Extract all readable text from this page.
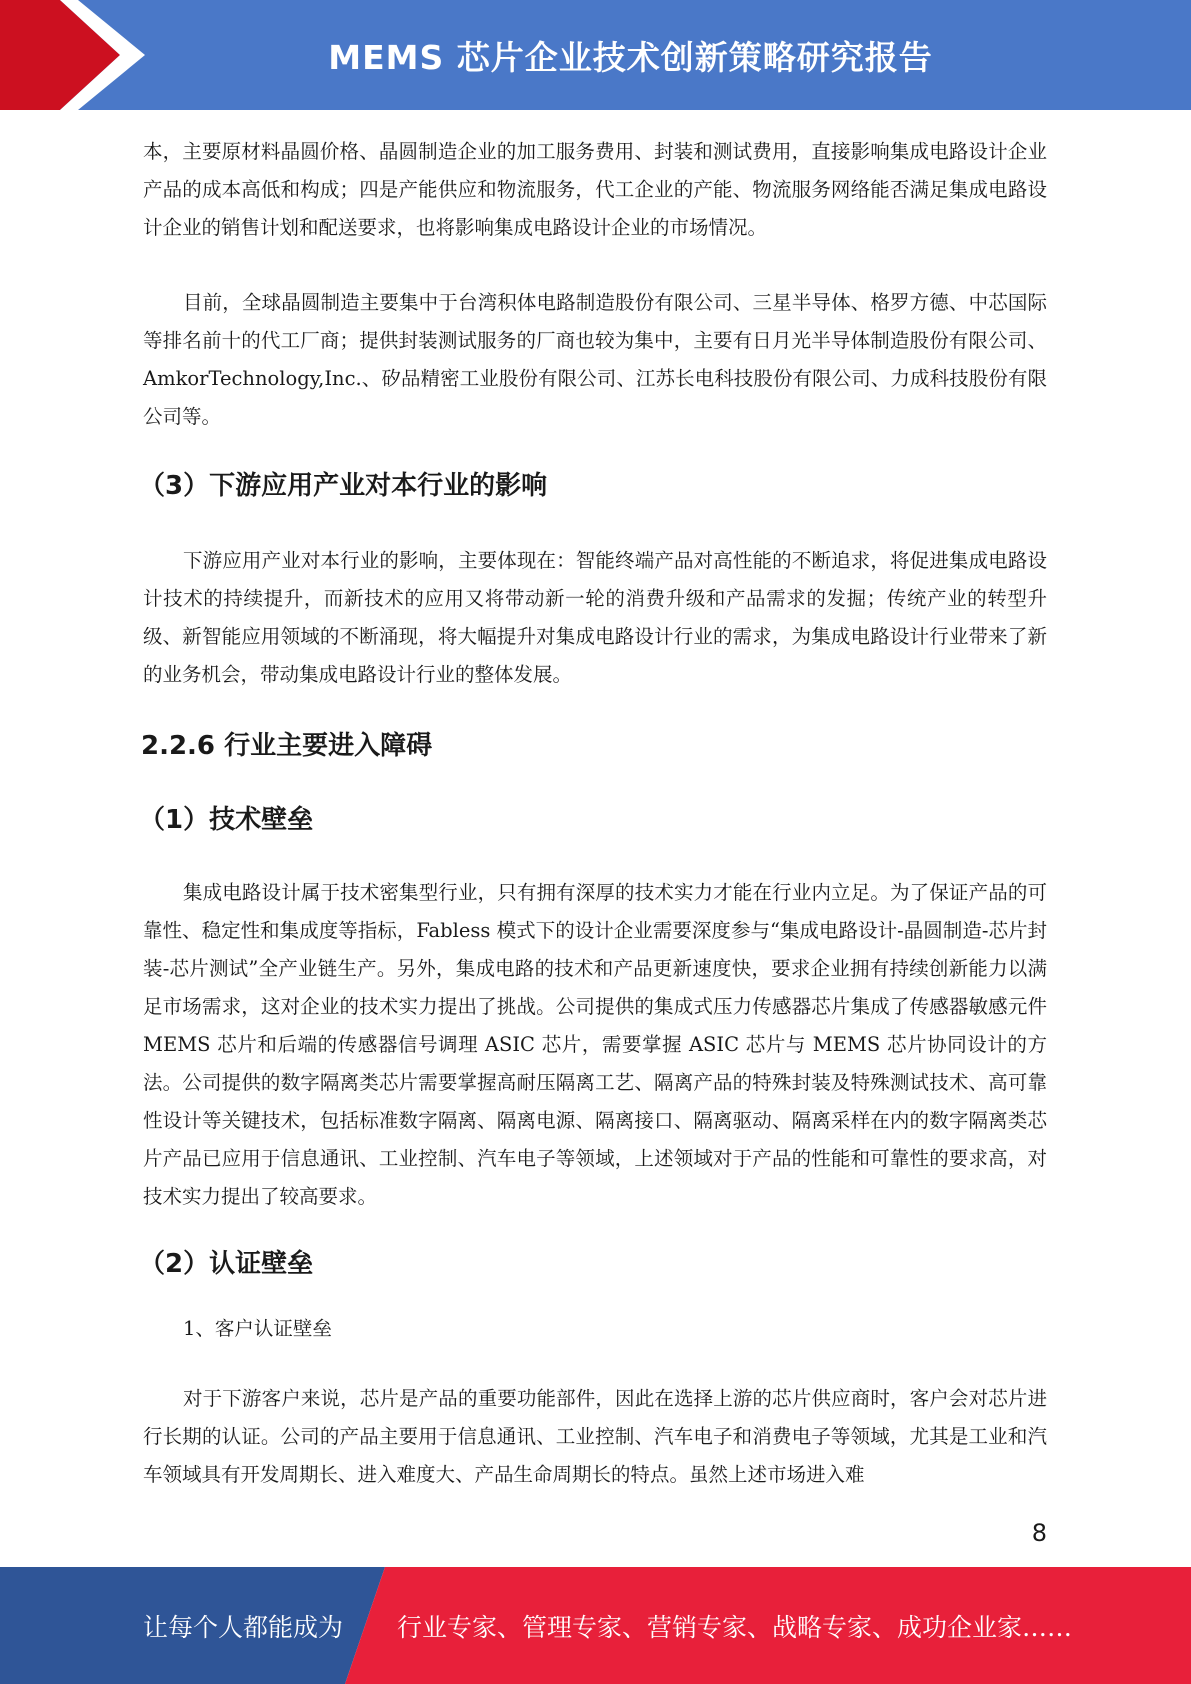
MEMS 芯片企业技术创新策略研究报告

本，主要原材料晶圆价格、晶圆制造企业的加工服务费用、封装和测试费用，直接影响集成电路设计企业产品的成本高低和构成；四是产能供应和物流服务，代工企业的产能、物流服务网络能否满足集成电路设计企业的销售计划和配送要求，也将影响集成电路设计企业的市场情况。

目前，全球晶圆制造主要集中于台湾积体电路制造股份有限公司、三星半导体、格罗方德、中芯国际等排名前十的代工厂商；提供封装测试服务的厂商也较为集中，主要有日月光半导体制造股份有限公司、AmkorTechnology,Inc.、矽品精密工业股份有限公司、江苏长电科技股份有限公司、力成科技股份有限公司等。

（3）下游应用产业对本行业的影响

下游应用产业对本行业的影响，主要体现在：智能终端产品对高性能的不断追求，将促进集成电路设计技术的持续提升，而新技术的应用又将带动新一轮的消费升级和产品需求的发掘；传统产业的转型升级、新智能应用领域的不断涌现，将大幅提升对集成电路设计行业的需求，为集成电路设计行业带来了新的业务机会，带动集成电路设计行业的整体发展。

2.2.6 行业主要进入障碍
（1）技术壁垒

集成电路设计属于技术密集型行业，只有拥有深厚的技术实力才能在行业内立足。为了保证产品的可靠性、稳定性和集成度等指标，Fabless 模式下的设计企业需要深度参与“集成电路设计-晶圆制造-芯片封装-芯片测试”全产业链生产。另外，集成电路的技术和产品更新速度快，要求企业拥有持续创新能力以满足市场需求，这对企业的技术实力提出了挑战。公司提供的集成式压力传感器芯片集成了传感器敏感元件 MEMS 芯片和后端的传感器信号调理 ASIC 芯片，需要掌握 ASIC 芯片与 MEMS 芯片协同设计的方法。公司提供的数字隔离类芯片需要掌握高耐压隔离工艺、隔离产品的特殊封装及特殊测试技术、高可靠性设计等关键技术，包括标准数字隔离、隔离电源、隔离接口、隔离驱动、隔离采样在内的数字隔离类芯片产品已应用于信息通讯、工业控制、汽车电子等领域，上述领域对于产品的性能和可靠性的要求高，对技术实力提出了较高要求。

（2）认证壁垒

1、客户认证壁垒

对于下游客户来说，芯片是产品的重要功能部件，因此在选择上游的芯片供应商时，客户会对芯片进行长期的认证。公司的产品主要用于信息通讯、工业控制、汽车电子和消费电子等领域，尤其是工业和汽车领域具有开发周期长、进入难度大、产品生命周期长的特点。虽然上述市场进入难

8
让每个人都能成为 行业专家、管理专家、营销专家、战略专家、成功企业家……
